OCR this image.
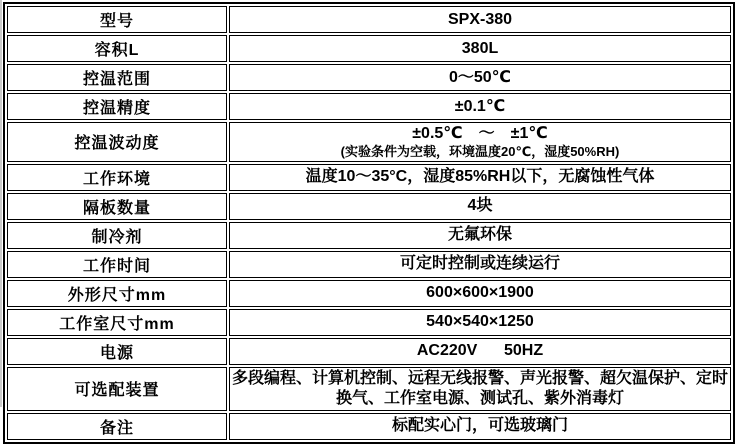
型号	SPX-380

容积L	380L

控温范围	0～50℃

控温精度	±0.1℃

控温波动度	±0.5℃　～　±1℃
(实验条件为空载，环境温度20℃，湿度50%RH)

工作环境	温度10～35°C，湿度85%RH以下，无腐蚀性气体

隔板数量	4块

制冷剂	无氟环保

工作时间	可定时控制或连续运行

外形尺寸mm	600×600×1900

工作室尺寸mm	540×540×1250

电源	AC220V      50HZ

可选配装置	多段编程、计算机控制、远程无线报警、声光报警、超欠温保护、定时换气、工作室电源、测试孔、紫外消毒灯

备注	标配实心门，可选玻璃门
